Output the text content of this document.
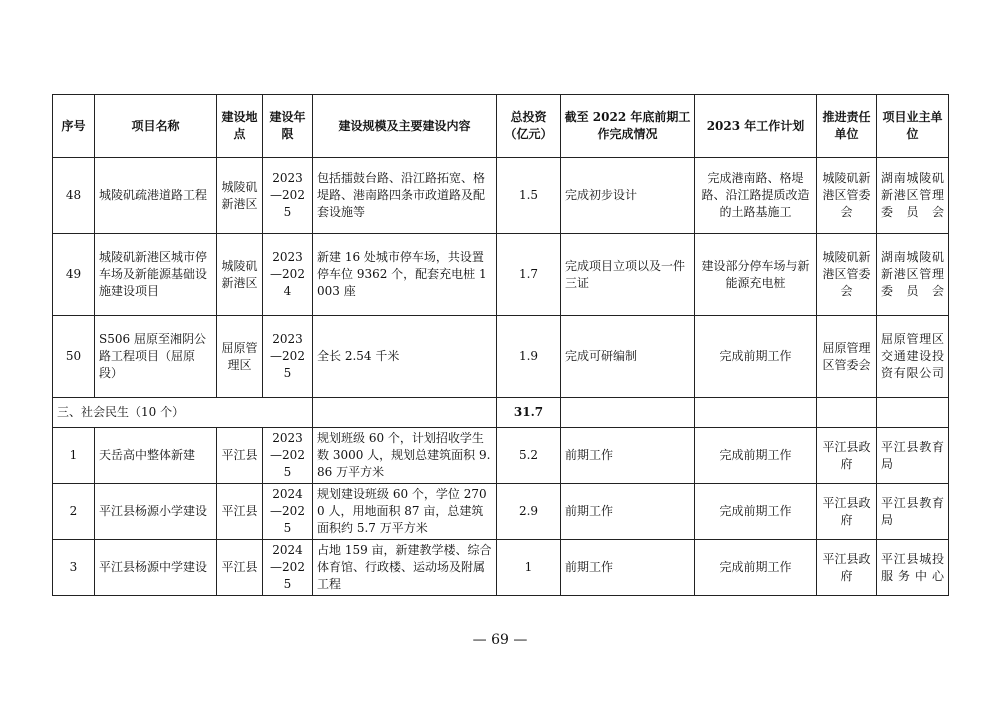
序号	项目名称	建设地点	建设年限	建设规模及主要建设内容	总投资（亿元）	截至 2022 年底前期工作完成情况	2023 年工作计划	推进责任单位	项目业主单位
48	城陵矶疏港道路工程	城陵矶新港区	2023—2025	包括擂鼓台路、沿江路拓宽、格堤路、港南路四条市政道路及配套设施等	1.5	完成初步设计	完成港南路、格堤路、沿江路提质改造的土路基施工	城陵矶新港区管委会	湖南城陵矶新港区管理委员会
49	城陵矶新港区城市停车场及新能源基础设施建设项目	城陵矶新港区	2023—2024	新建 16 处城市停车场，共设置停车位 9362 个，配套充电桩 1003 座	1.7	完成项目立项以及一件三证	建设部分停车场与新能源充电桩	城陵矶新港区管委会	湖南城陵矶新港区管理委员会
50	S506 屈原至湘阴公路工程项目（屈原段）	屈原管理区	2023—2025	全长 2.54 千米	1.9	完成可研编制	完成前期工作	屈原管理区管委会	屈原管理区交通建设投资有限公司
三、社会民生（10 个）					31.7				
1	天岳高中整体新建	平江县	2023—2025	规划班级 60 个，计划招收学生数 3000 人，规划总建筑面积 9.86 万平方米	5.2	前期工作	完成前期工作	平江县政府	平江县教育局
2	平江县杨源小学建设	平江县	2024—2025	规划建设班级 60 个，学位 2700 人，用地面积 87 亩，总建筑面积约 5.7 万平方米	2.9	前期工作	完成前期工作	平江县政府	平江县教育局
3	平江县杨源中学建设	平江县	2024—2025	占地 159 亩，新建教学楼、综合体育馆、行政楼、运动场及附属工程	1	前期工作	完成前期工作	平江县政府	平江县城投服务中心
— 69 —
